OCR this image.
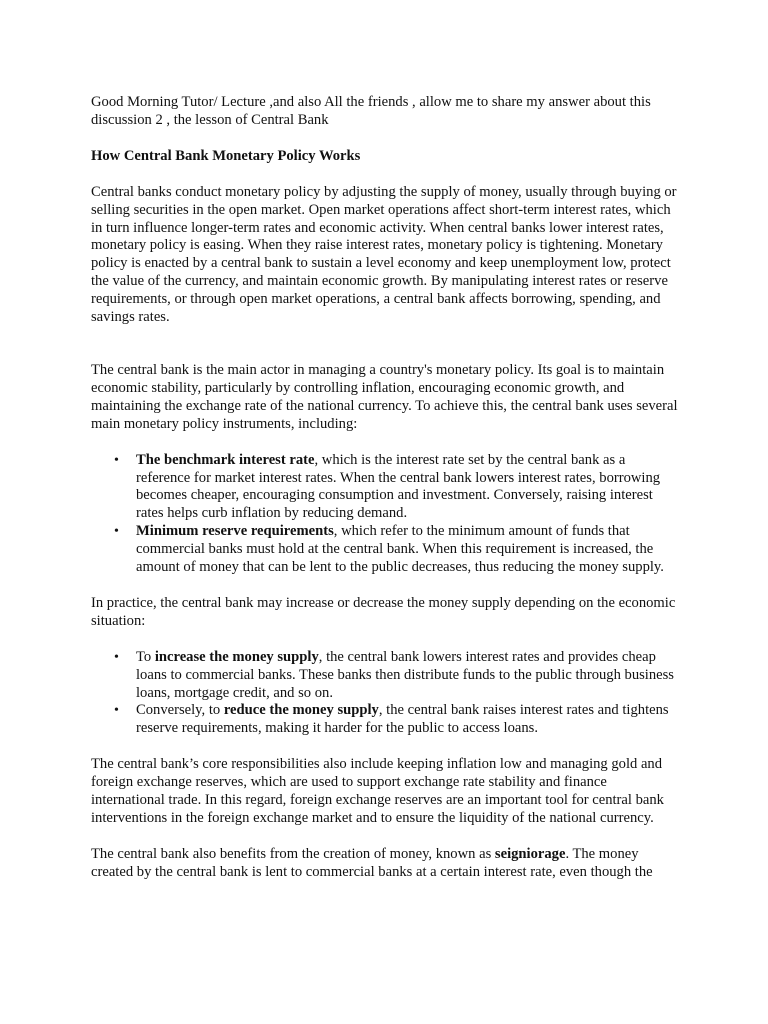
Good Morning Tutor/ Lecture ,and also All the friends , allow me to share my answer about this discussion 2 , the lesson of Central Bank

How Central Bank Monetary Policy Works

Central banks conduct monetary policy by adjusting the supply of money, usually through buying or selling securities in the open market. Open market operations affect short-term interest rates, which in turn influence longer-term rates and economic activity. When central banks lower interest rates, monetary policy is easing. When they raise interest rates, monetary policy is tightening. Monetary policy is enacted by a central bank to sustain a level economy and keep unemployment low, protect the value of the currency, and maintain economic growth. By manipulating interest rates or reserve requirements, or through open market operations, a central bank affects borrowing, spending, and savings rates.

The central bank is the main actor in managing a country's monetary policy. Its goal is to maintain economic stability, particularly by controlling inflation, encouraging economic growth, and maintaining the exchange rate of the national currency. To achieve this, the central bank uses several main monetary policy instruments, including:

• The benchmark interest rate, which is the interest rate set by the central bank as a reference for market interest rates. When the central bank lowers interest rates, borrowing becomes cheaper, encouraging consumption and investment. Conversely, raising interest rates helps curb inflation by reducing demand.
• Minimum reserve requirements, which refer to the minimum amount of funds that commercial banks must hold at the central bank. When this requirement is increased, the amount of money that can be lent to the public decreases, thus reducing the money supply.

In practice, the central bank may increase or decrease the money supply depending on the economic situation:

• To increase the money supply, the central bank lowers interest rates and provides cheap loans to commercial banks. These banks then distribute funds to the public through business loans, mortgage credit, and so on.
• Conversely, to reduce the money supply, the central bank raises interest rates and tightens reserve requirements, making it harder for the public to access loans.

The central bank’s core responsibilities also include keeping inflation low and managing gold and foreign exchange reserves, which are used to support exchange rate stability and finance international trade. In this regard, foreign exchange reserves are an important tool for central bank interventions in the foreign exchange market and to ensure the liquidity of the national currency.

The central bank also benefits from the creation of money, known as seigniorage. The money created by the central bank is lent to commercial banks at a certain interest rate, even though the
